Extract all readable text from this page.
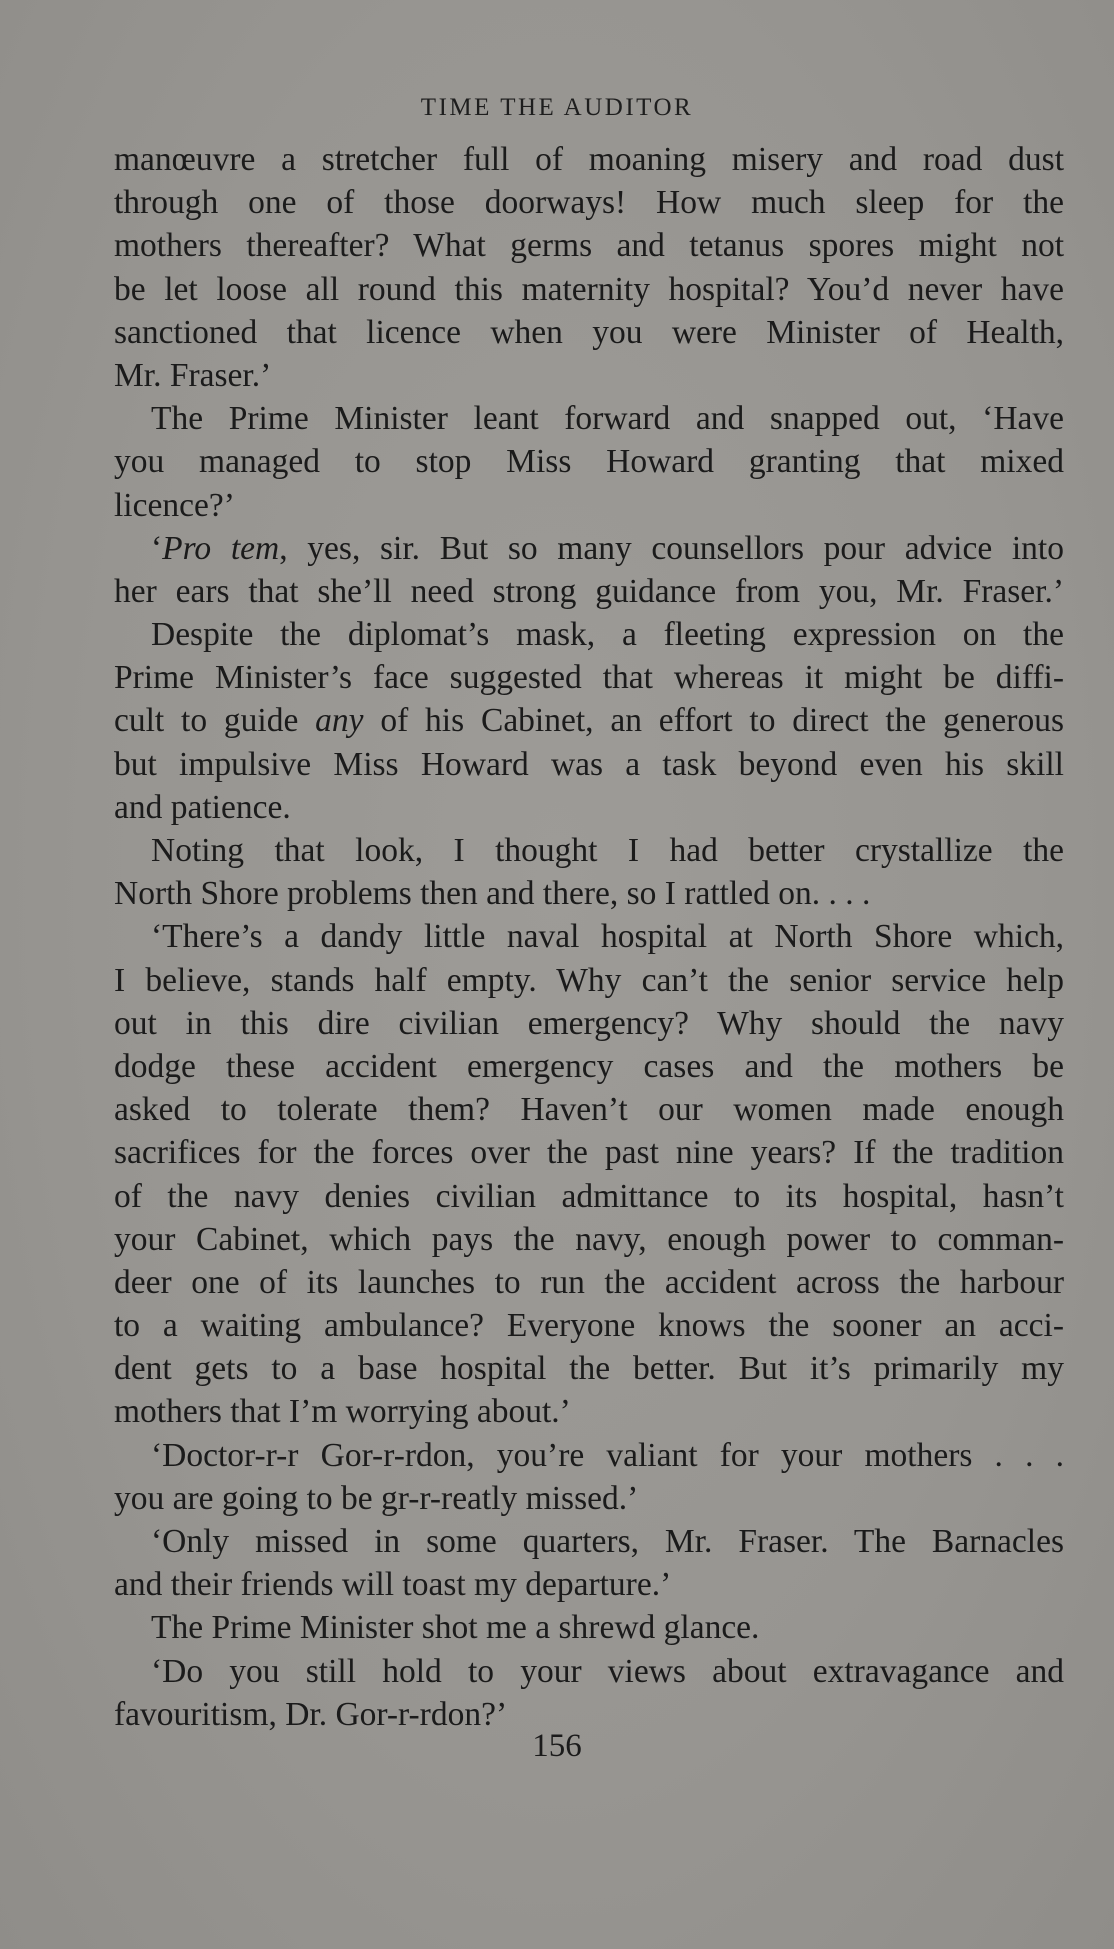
TIME THE AUDITOR
manœuvre a stretcher full of moaning misery and road dust
through one of those doorways! How much sleep for the
mothers thereafter? What germs and tetanus spores might not
be let loose all round this maternity hospital? You’d never have
sanctioned that licence when you were Minister of Health,
Mr. Fraser.’
The Prime Minister leant forward and snapped out, ‘Have
you managed to stop Miss Howard granting that mixed
licence?’
‘Pro tem, yes, sir. But so many counsellors pour advice into
her ears that she’ll need strong guidance from you, Mr. Fraser.’
Despite the diplomat’s mask, a fleeting expression on the
Prime Minister’s face suggested that whereas it might be diffi-
cult to guide any of his Cabinet, an effort to direct the generous
but impulsive Miss Howard was a task beyond even his skill
and patience.
Noting that look, I thought I had better crystallize the
North Shore problems then and there, so I rattled on. . . .
‘There’s a dandy little naval hospital at North Shore which,
I believe, stands half empty. Why can’t the senior service help
out in this dire civilian emergency? Why should the navy
dodge these accident emergency cases and the mothers be
asked to tolerate them? Haven’t our women made enough
sacrifices for the forces over the past nine years? If the tradition
of the navy denies civilian admittance to its hospital, hasn’t
your Cabinet, which pays the navy, enough power to comman-
deer one of its launches to run the accident across the harbour
to a waiting ambulance? Everyone knows the sooner an acci-
dent gets to a base hospital the better. But it’s primarily my
mothers that I’m worrying about.’
‘Doctor-r-r Gor-r-rdon, you’re valiant for your mothers . . .
you are going to be gr-r-reatly missed.’
‘Only missed in some quarters, Mr. Fraser. The Barnacles
and their friends will toast my departure.’
The Prime Minister shot me a shrewd glance.
‘Do you still hold to your views about extravagance and
favouritism, Dr. Gor-r-rdon?’
156
